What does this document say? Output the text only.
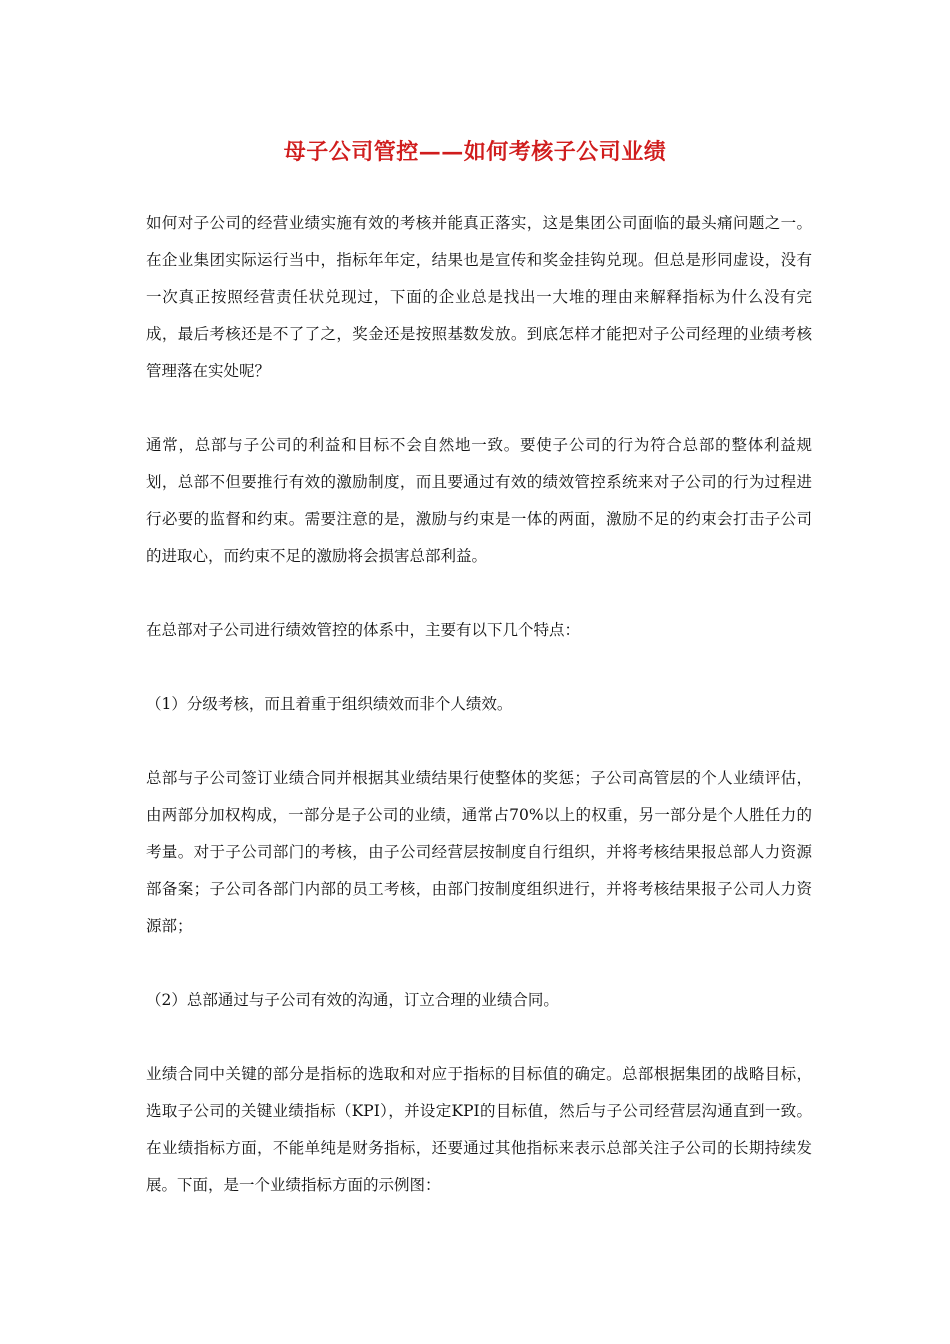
母子公司管控——如何考核子公司业绩

如何对子公司的经营业绩实施有效的考核并能真正落实，这是集团公司面临的最头痛问题之一。在企业集团实际运行当中，指标年年定，结果也是宣传和奖金挂钩兑现。但总是形同虚设，没有一次真正按照经营责任状兑现过，下面的企业总是找出一大堆的理由来解释指标为什么没有完成，最后考核还是不了了之，奖金还是按照基数发放。到底怎样才能把对子公司经理的业绩考核管理落在实处呢？

通常，总部与子公司的利益和目标不会自然地一致。要使子公司的行为符合总部的整体利益规划，总部不但要推行有效的激励制度，而且要通过有效的绩效管控系统来对子公司的行为过程进行必要的监督和约束。需要注意的是，激励与约束是一体的两面，激励不足的约束会打击子公司的进取心，而约束不足的激励将会损害总部利益。

在总部对子公司进行绩效管控的体系中，主要有以下几个特点：

（1）分级考核，而且着重于组织绩效而非个人绩效。

总部与子公司签订业绩合同并根据其业绩结果行使整体的奖惩；子公司高管层的个人业绩评估，由两部分加权构成，一部分是子公司的业绩，通常占70%以上的权重，另一部分是个人胜任力的考量。对于子公司部门的考核，由子公司经营层按制度自行组织，并将考核结果报总部人力资源部备案；子公司各部门内部的员工考核，由部门按制度组织进行，并将考核结果报子公司人力资源部；

（2）总部通过与子公司有效的沟通，订立合理的业绩合同。

业绩合同中关键的部分是指标的选取和对应于指标的目标值的确定。总部根据集团的战略目标，选取子公司的关键业绩指标（KPI），并设定KPI的目标值，然后与子公司经营层沟通直到一致。在业绩指标方面，不能单纯是财务指标，还要通过其他指标来表示总部关注子公司的长期持续发展。下面，是一个业绩指标方面的示例图：
